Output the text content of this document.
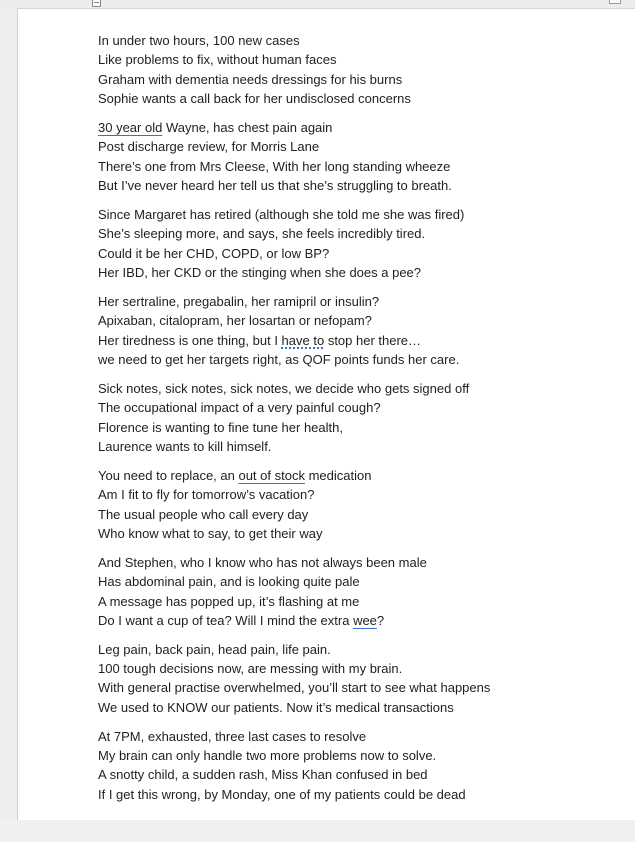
In under two hours, 100 new cases
Like problems to fix, without human faces
Graham with dementia needs dressings for his burns
Sophie wants a call back for her undisclosed concerns
30 year old Wayne, has chest pain again
Post discharge review, for Morris Lane
There’s one from Mrs Cleese, With her long standing wheeze
But I’ve never heard her tell us that she’s struggling to breath.
Since Margaret has retired (although she told me she was fired)
She’s sleeping more, and says, she feels incredibly tired.
Could it be her CHD, COPD, or low BP?
Her IBD, her CKD or the stinging when she does a pee?
Her sertraline, pregabalin, her ramipril or insulin?
Apixaban, citalopram, her losartan or nefopam?
Her tiredness is one thing, but I have to stop her there…
we need to get her targets right, as QOF points funds her care.
Sick notes, sick notes, sick notes, we decide who gets signed off
The occupational impact of a very painful cough?
Florence is wanting to fine tune her health,
Laurence wants to kill himself.
You need to replace, an out of stock medication
Am I fit to fly for tomorrow’s vacation?
The usual people who call every day
Who know what to say, to get their way
And Stephen, who I know who has not always been male
Has abdominal pain, and is looking quite pale
A message has popped up, it’s flashing at me
Do I want a cup of tea? Will I mind the extra wee?
Leg pain, back pain, head pain, life pain.
100 tough decisions now, are messing with my brain.
With general practise overwhelmed, you’ll start to see what happens
We used to KNOW our patients. Now it’s medical transactions
At 7PM, exhausted, three last cases to resolve
My brain can only handle two more problems now to solve.
A snotty child, a sudden rash, Miss Khan confused in bed
If I get this wrong, by Monday, one of my patients could be dead
